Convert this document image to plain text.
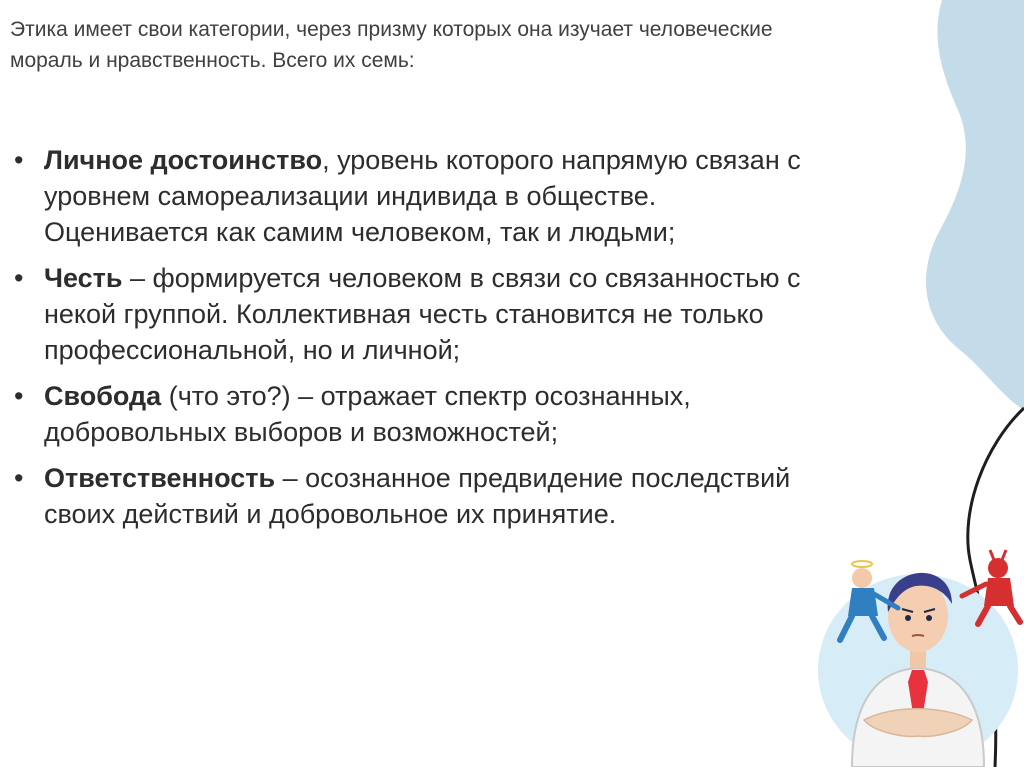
Этика имеет свои категории, через призму которых она изучает человеческие мораль и нравственность. Всего их семь:
• Личное достоинство, уровень которого напрямую связан с уровнем самореализации индивида в обществе. Оценивается как самим человеком, так и людьми;
• Честь – формируется человеком в связи со связанностью с некой группой. Коллективная честь становится не только профессиональной, но и личной;
• Свобода (что это?) – отражает спектр осознанных, добровольных выборов и возможностей;
• Ответственность – осознанное предвидение последствий своих действий и добровольное их принятие.
